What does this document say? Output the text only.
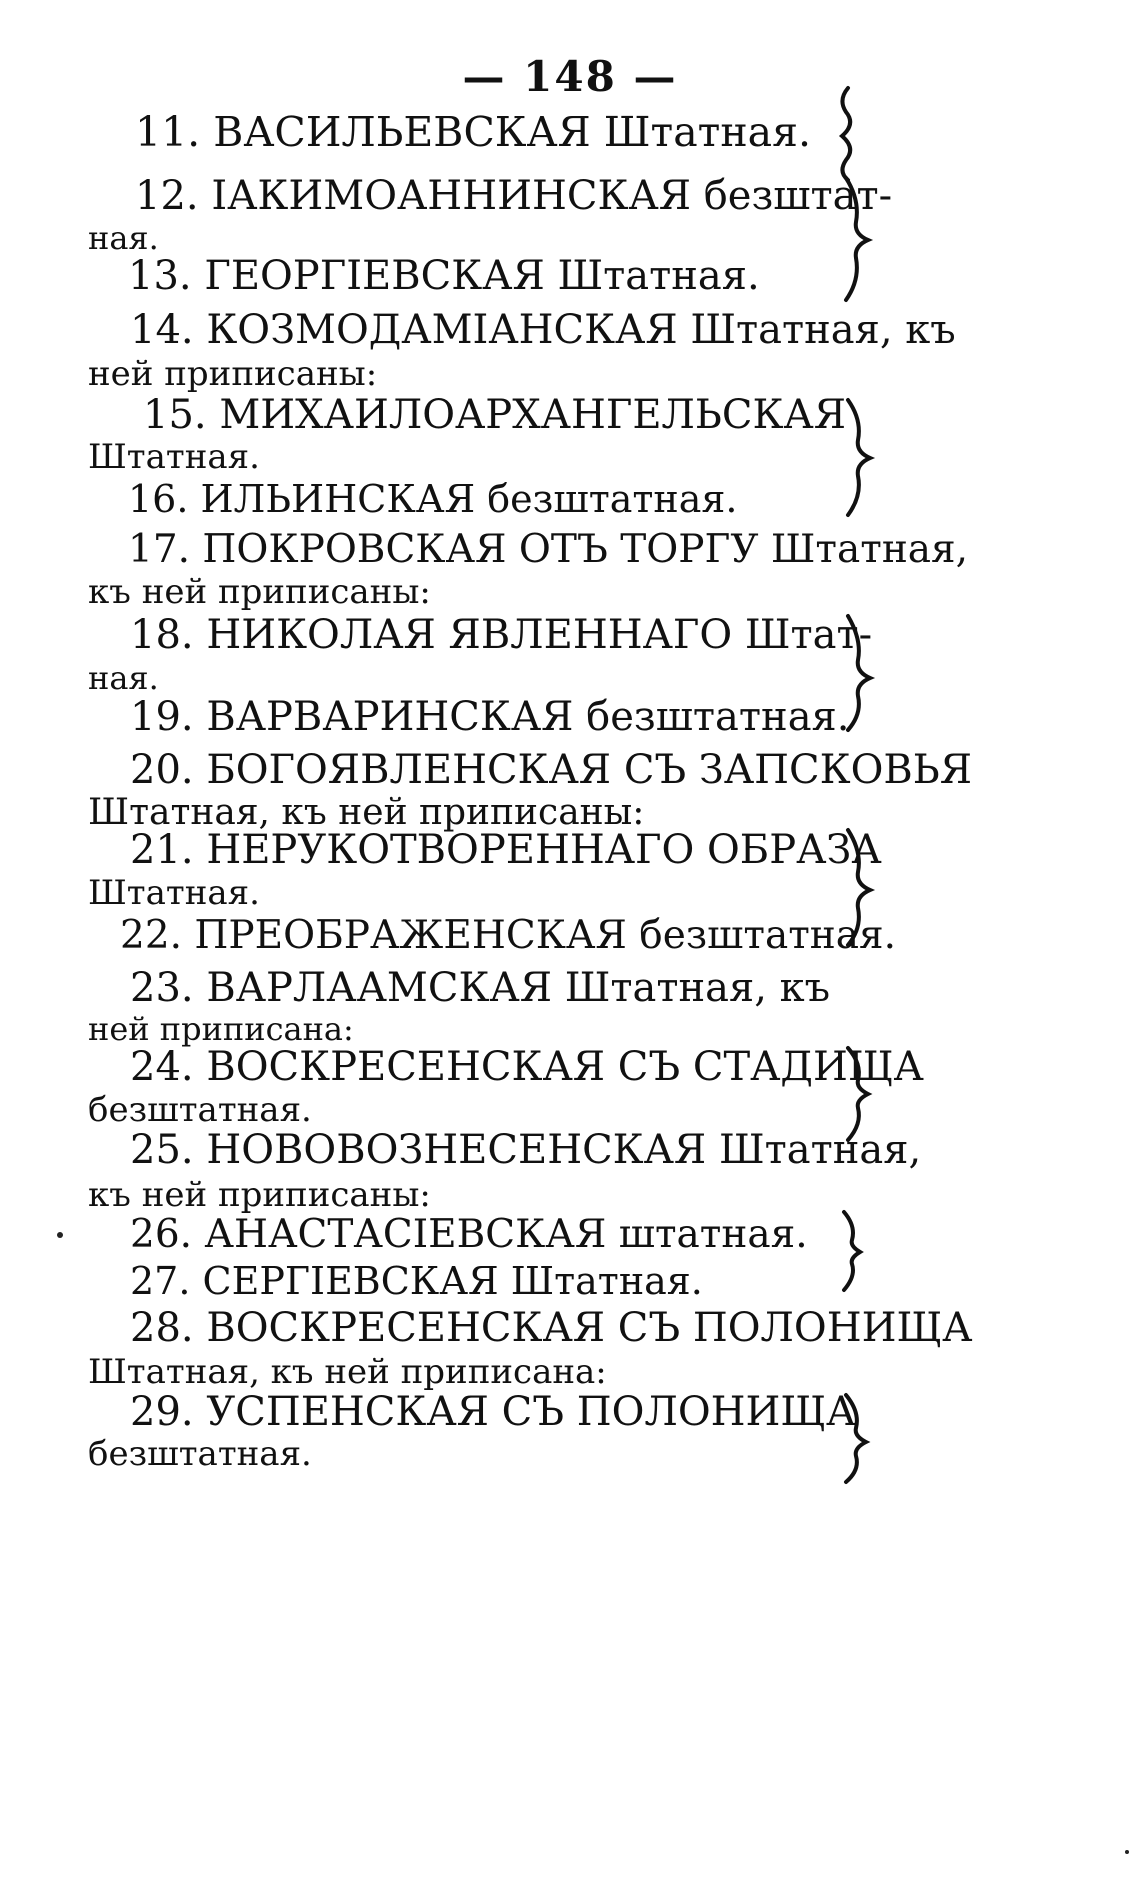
— 148 —
11. ВАСИЛЬЕВСКАЯ Штатная.
12. IАКИМОАННИНСКАЯ безштат-
ная.
13. ГЕОРГIЕВСКАЯ Штатная.
14. КОЗМОДАМIАНСКАЯ Штатная, къ
ней приписаны:
15. МИХАИЛОАРХАНГЕЛЬСКАЯ
Штатная.
16. ИЛЬИНСКАЯ безштатная.
17. ПОКРОВСКАЯ ОТЪ ТОРГУ Штатная,
къ ней приписаны:
18. НИКОЛАЯ ЯВЛЕННАГО Штат-
ная.
19. ВАРВАРИНСКАЯ безштатная.
20. БОГОЯВЛЕНСКАЯ СЪ ЗАПСКОВЬЯ
Штатная, къ ней приписаны:
21. НЕРУКОТВОРЕННАГО ОБРАЗА
Штатная.
22. ПРЕОБРАЖЕНСКАЯ безштатная.
23. ВАРЛААМСКАЯ Штатная, къ
ней приписана:
24. ВОСКРЕСЕНСКАЯ СЪ СТАДИЩА
безштатная.
25. НОВОВОЗНЕСЕНСКАЯ Штатная,
къ ней приписаны:
26. АНАСТАСIЕВСКАЯ штатная.
27. СЕРГIЕВСКАЯ Штатная.
28. ВОСКРЕСЕНСКАЯ СЪ ПОЛОНИЩА
Штатная, къ ней приписана:
29. УСПЕНСКАЯ СЪ ПОЛОНИЩА
безштатная.
